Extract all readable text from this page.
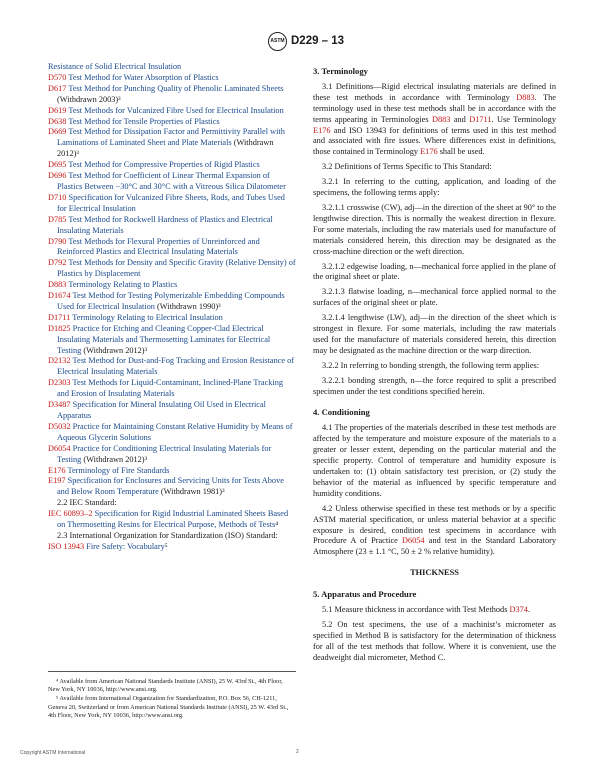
ASTM D229 – 13

Resistance of Solid Electrical Insulation

D570 Test Method for Water Absorption of Plastics

D617 Test Method for Punching Quality of Phenolic Laminated Sheets (Withdrawn 2003)³

D619 Test Methods for Vulcanized Fibre Used for Electrical Insulation

D638 Test Method for Tensile Properties of Plastics

D669 Test Method for Dissipation Factor and Permittivity Parallel with Laminations of Laminated Sheet and Plate Materials (Withdrawn 2012)³

D695 Test Method for Compressive Properties of Rigid Plastics

D696 Test Method for Coefficient of Linear Thermal Expansion of Plastics Between −30°C and 30°C with a Vitreous Silica Dilatometer

D710 Specification for Vulcanized Fibre Sheets, Rods, and Tubes Used for Electrical Insulation

D785 Test Method for Rockwell Hardness of Plastics and Electrical Insulating Materials

D790 Test Methods for Flexural Properties of Unreinforced and Reinforced Plastics and Electrical Insulating Materials

D792 Test Methods for Density and Specific Gravity (Relative Density) of Plastics by Displacement

D883 Terminology Relating to Plastics

D1674 Test Method for Testing Polymerizable Embedding Compounds Used for Electrical Insulation (Withdrawn 1990)³

D1711 Terminology Relating to Electrical Insulation

D1825 Practice for Etching and Cleaning Copper-Clad Electrical Insulating Materials and Thermosetting Laminates for Electrical Testing (Withdrawn 2012)³

D2132 Test Method for Dust-and-Fog Tracking and Erosion Resistance of Electrical Insulating Materials

D2303 Test Methods for Liquid-Contaminant, Inclined-Plane Tracking and Erosion of Insulating Materials

D3487 Specification for Mineral Insulating Oil Used in Electrical Apparatus

D5032 Practice for Maintaining Constant Relative Humidity by Means of Aqueous Glycerin Solutions

D6054 Practice for Conditioning Electrical Insulating Materials for Testing (Withdrawn 2012)³

E176 Terminology of Fire Standards

E197 Specification for Enclosures and Servicing Units for Tests Above and Below Room Temperature (Withdrawn 1981)³

2.2 IEC Standard:

IEC 60893–2 Specification for Rigid Industrial Laminated Sheets Based on Thermosetting Resins for Electrical Purpose, Methods of Tests⁴

2.3 International Organization for Standardization (ISO) Standard:

ISO 13943 Fire Safety: Vocabulary⁵

⁴ Available from American National Standards Institute (ANSI), 25 W. 43rd St., 4th Floor, New York, NY 10036, http://www.ansi.org.

⁵ Available from International Organization for Standardization, P.O. Box 56, CH-1211, Geneva 20, Switzerland or from American National Standards Institute (ANSI), 25 W. 43rd St., 4th Floor, New York, NY 10036, http://www.ansi.org.

3. Terminology

3.1 Definitions—Rigid electrical insulating materials are defined in these test methods in accordance with Terminology D883. The terminology used in these test methods shall be in accordance with the terms appearing in Terminologies D883 and D1711. Use Terminology E176 and ISO 13943 for definitions of terms used in this test method and associated with fire issues. Where differences exist in definitions, those contained in Terminology E176 shall be used.

3.2 Definitions of Terms Specific to This Standard:

3.2.1 In referring to the cutting, application, and loading of the specimens, the following terms apply:

3.2.1.1 crosswise (CW), adj—in the direction of the sheet at 90° to the lengthwise direction. This is normally the weakest direction in flexure. For some materials, including the raw materials used for manufacture of materials considered herein, this direction may be designated as the cross-machine direction or the weft direction.

3.2.1.2 edgewise loading, n—mechanical force applied in the plane of the original sheet or plate.

3.2.1.3 flatwise loading, n—mechanical force applied normal to the surfaces of the original sheet or plate.

3.2.1.4 lengthwise (LW), adj—in the direction of the sheet which is strongest in flexure. For some materials, including the raw materials used for the manufacture of materials considered herein, this direction may be designated as the machine direction or the warp direction.

3.2.2 In referring to bonding strength, the following term applies:

3.2.2.1 bonding strength, n—the force required to split a prescribed specimen under the test conditions specified herein.

4. Conditioning

4.1 The properties of the materials described in these test methods are affected by the temperature and moisture exposure of the materials to a greater or lesser extent, depending on the particular material and the specific property. Control of temperature and humidity exposure is undertaken to: (1) obtain satisfactory test precision, or (2) study the behavior of the material as influenced by specific temperature and humidity conditions.

4.2 Unless otherwise specified in these test methods or by a specific ASTM material specification, or unless material behavior at a specific exposure is desired, condition test specimens in accordance with Procedure A of Practice D6054 and test in the Standard Laboratory Atmosphere (23 ± 1.1 °C, 50 ± 2 % relative humidity).

THICKNESS
5. Apparatus and Procedure

5.1 Measure thickness in accordance with Test Methods D374.

5.2 On test specimens, the use of a machinist’s micrometer as specified in Method B is satisfactory for the determination of thickness for all of the test methods that follow. Where it is convenient, use the deadweight dial micrometer, Method C.

Copyright ASTM International	2
